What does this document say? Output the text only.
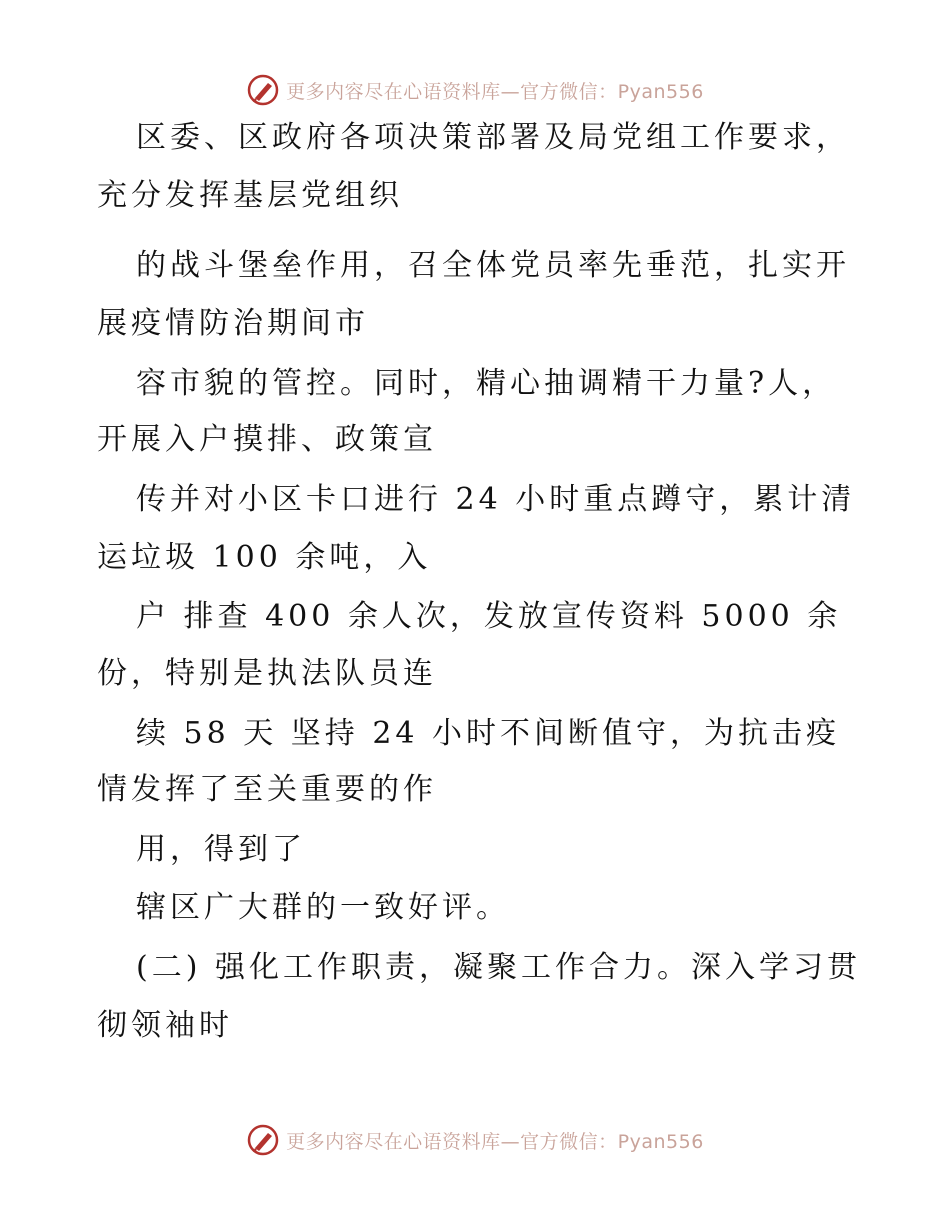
更多内容尽在心语资料库—官方微信：Pyan556
区委、区政府各项决策部署及局党组工作要求，
充分发挥基层党组织
的战斗堡垒作用，召全体党员率先垂范，扎实开
展疫情防治期间市
容市貌的管控。同时，精心抽调精干力量?人，
开展入户摸排、政策宣
传并对小区卡口进行 24 小时重点蹲守，累计清
运垃圾 100 余吨，入
户 排查 400 余人次，发放宣传资料 5000 余
份，特别是执法队员连
续 58 天 坚持 24 小时不间断值守，为抗击疫
情发挥了至关重要的作
用，得到了
辖区广大群的一致好评。
(二) 强化工作职责，凝聚工作合力。深入学习贯
彻领袖时
更多内容尽在心语资料库—官方微信：Pyan556
